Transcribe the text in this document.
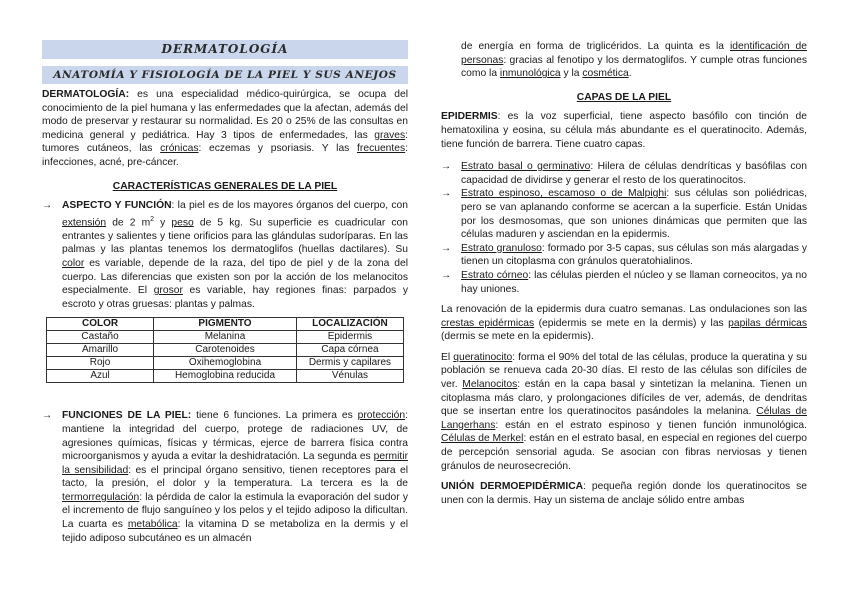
DERMATOLOGÍA
ANATOMÍA Y FISIOLOGÍA DE LA PIEL Y SUS ANEJOS

DERMATOLOGÍA: es una especialidad médico-quirúrgica, se ocupa del conocimiento de la piel humana y las enfermedades que la afectan, además del modo de preservar y restaurar su normalidad. Es 20 o 25% de las consultas en medicina general y pediátrica. Hay 3 tipos de enfermedades, las graves: tumores cutáneos, las crónicas: eczemas y psoriasis. Y las frecuentes: infecciones, acné, pre-cáncer.

CARACTERÍSTICAS GENERALES DE LA PIEL

→ ASPECTO Y FUNCIÓN: la piel es de los mayores órganos del cuerpo, con extensión de 2 $m^2$ y peso de 5 kg. Su superficie es cuadricular con entrantes y salientes y tiene orificios para las glándulas sudoríparas. En las palmas y las plantas tenemos los dermatoglifos (huellas dactilares). Su color es variable, depende de la raza, del tipo de piel y de la zona del cuerpo. Las diferencias que existen son por la acción de los melanocitos especialmente. El grosor es variable, hay regiones finas: parpados y escroto y otras gruesas: plantas y palmas.

COLOR	PIGMENTO	LOCALIZACIÓN
Castaño	Melanina	Epidermis
Amarillo	Carotenoides	Capa córnea
Rojo	Oxihemoglobina	Dermis y capilares
Azul	Hemoglobina reducida	Vénulas

→ FUNCIONES DE LA PIEL: tiene 6 funciones. La primera es protección: mantiene la integridad del cuerpo, protege de radiaciones UV, de agresiones químicas, físicas y térmicas, ejerce de barrera física contra microorganismos y ayuda a evitar la deshidratación. La segunda es permitir la sensibilidad: es el principal órgano sensitivo, tienen receptores para el tacto, la presión, el dolor y la temperatura. La tercera es la de termorregulación: la pérdida de calor la estimula la evaporación del sudor y el incremento de flujo sanguíneo y los pelos y el tejido adiposo la dificultan. La cuarta es metabólica: la vitamina D se metaboliza en la dermis y el tejido adiposo subcutáneo es un almacén

de energía en forma de triglicéridos. La quinta es la identificación de personas: gracias al fenotipo y los dermatoglifos. Y cumple otras funciones como la inmunológica y la cosmética.

CAPAS DE LA PIEL

EPIDERMIS: es la voz superficial, tiene aspecto basófilo con tinción de hematoxilina y eosina, su célula más abundante es el queratinocito. Además, tiene función de barrera. Tiene cuatro capas.

→ Estrato basal o germinativo: Hilera de células dendríticas y basófilas con capacidad de dividirse y generar el resto de los queratinocitos.

→ Estrato espinoso, escamoso o de Malpighi: sus células son poliédricas, pero se van aplanando conforme se acercan a la superficie. Están Unidas por los desmosomas, que son uniones dinámicas que permiten que las células maduren y asciendan en la epidermis.

→ Estrato granuloso: formado por 3-5 capas, sus células son más alargadas y tienen un citoplasma con gránulos queratohialinos.

→ Estrato córneo: las células pierden el núcleo y se llaman corneocitos, ya no hay uniones.

La renovación de la epidermis dura cuatro semanas. Las ondulaciones son las crestas epidérmicas (epidermis se mete en la dermis) y las papilas dérmicas (dermis se mete en la epidermis).

El queratinocito: forma el 90% del total de las células, produce la queratina y su población se renueva cada 20-30 días. El resto de las células son difíciles de ver. Melanocitos: están en la capa basal y sintetizan la melanina. Tienen un citoplasma más claro, y prolongaciones difíciles de ver, además, de dendritas que se insertan entre los queratinocitos pasándoles la melanina. Células de Langerhans: están en el estrato espinoso y tienen función inmunológica. Células de Merkel: están en el estrato basal, en especial en regiones del cuerpo de percepción sensorial aguda. Se asocian con fibras nerviosas y tienen gránulos de neurosecreción.

UNIÓN DERMOEPIDÉRMICA: pequeña región donde los queratinocitos se unen con la dermis. Hay un sistema de anclaje sólido entre ambas
